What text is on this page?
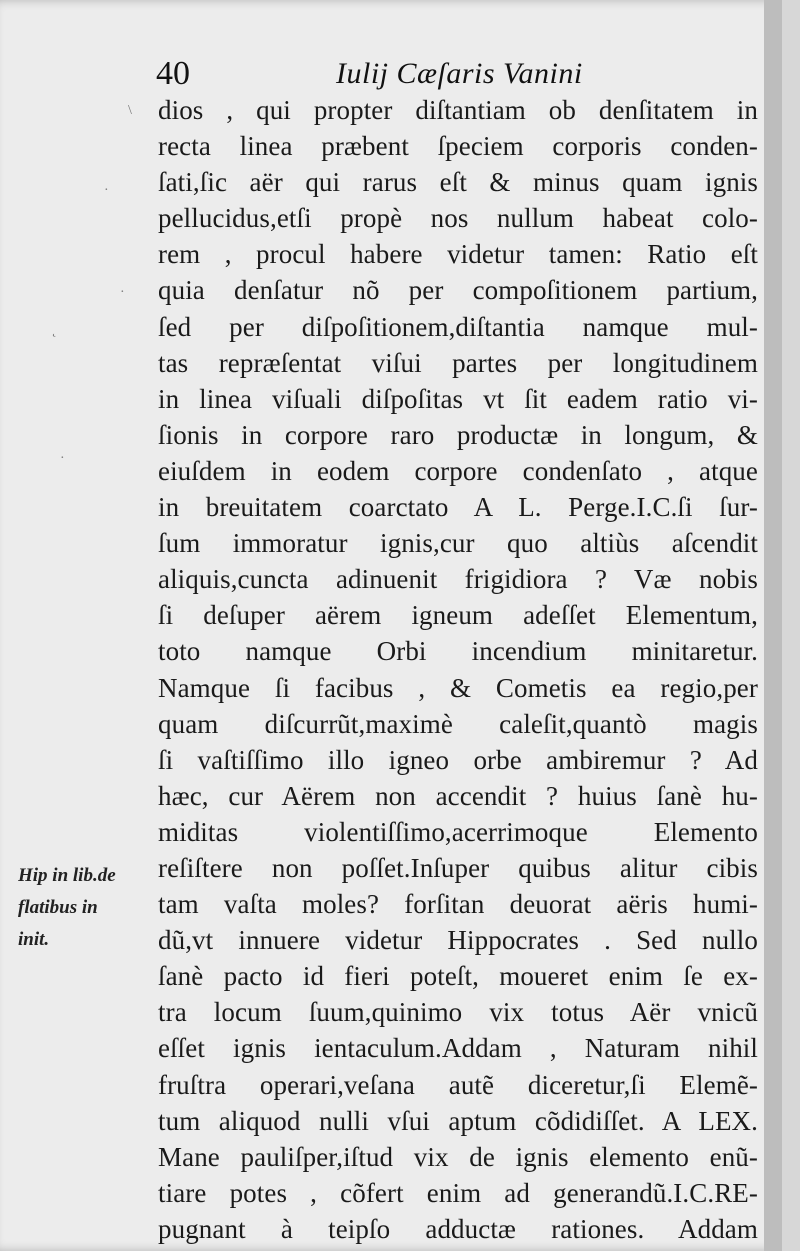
40	Iulij Cæſaris Vanini
dios , qui propter diſtantiam ob denſitatem in
recta linea præbent ſpeciem corporis conden-
ſati,ſic aër qui rarus eſt & minus quam ignis
pellucidus,etſi propè nos nullum habeat colo-
rem , procul habere videtur tamen: Ratio eſt
quia denſatur nõ per compoſitionem partium,
ſed per diſpoſitionem,diſtantia namque mul-
tas repræſentat viſui partes per longitudinem
in linea viſuali diſpoſitas vt ſit eadem ratio vi-
ſionis in corpore raro productæ in longum, &
eiuſdem in eodem corpore condenſato , atque
in breuitatem coarctato A L. Perge.I.C.ſi ſur-
ſum immoratur ignis,cur quo altiùs aſcendit
aliquis,cuncta adinuenit frigidiora ? Væ nobis
ſi deſuper aërem igneum adeſſet Elementum,
toto namque Orbi incendium minitaretur.
Namque ſi facibus , & Cometis ea regio,per
quam diſcurrũt,maximè caleſit,quantò magis
ſi vaſtiſſimo illo igneo orbe ambiremur ? Ad
hæc, cur Aërem non accendit ? huius ſanè hu-
miditas violentiſſimo,acerrimoque Elemento
reſiſtere non poſſet.Inſuper quibus alitur cibis
tam vaſta moles? forſitan deuorat aëris humi-
dũ,vt innuere videtur Hippocrates . Sed nullo
ſanè pacto id fieri poteſt, moueret enim ſe ex-
tra locum ſuum,quinimo vix totus Aër vnicũ
eſſet ignis ientaculum.Addam , Naturam nihil
fruſtra operari,veſana autẽ diceretur,ſi Elemẽ-
tum aliquod nulli vſui aptum cõdidiſſet. A LEX.
Mane pauliſper,iſtud vix de ignis elemento enũ-
tiare potes , cõfert enim ad generandũ.I.C.RE-
pugnant à teipſo adductæ rationes. Addam
Hip in lib.de
flatibus in
init.
\
·
·
˛
·
